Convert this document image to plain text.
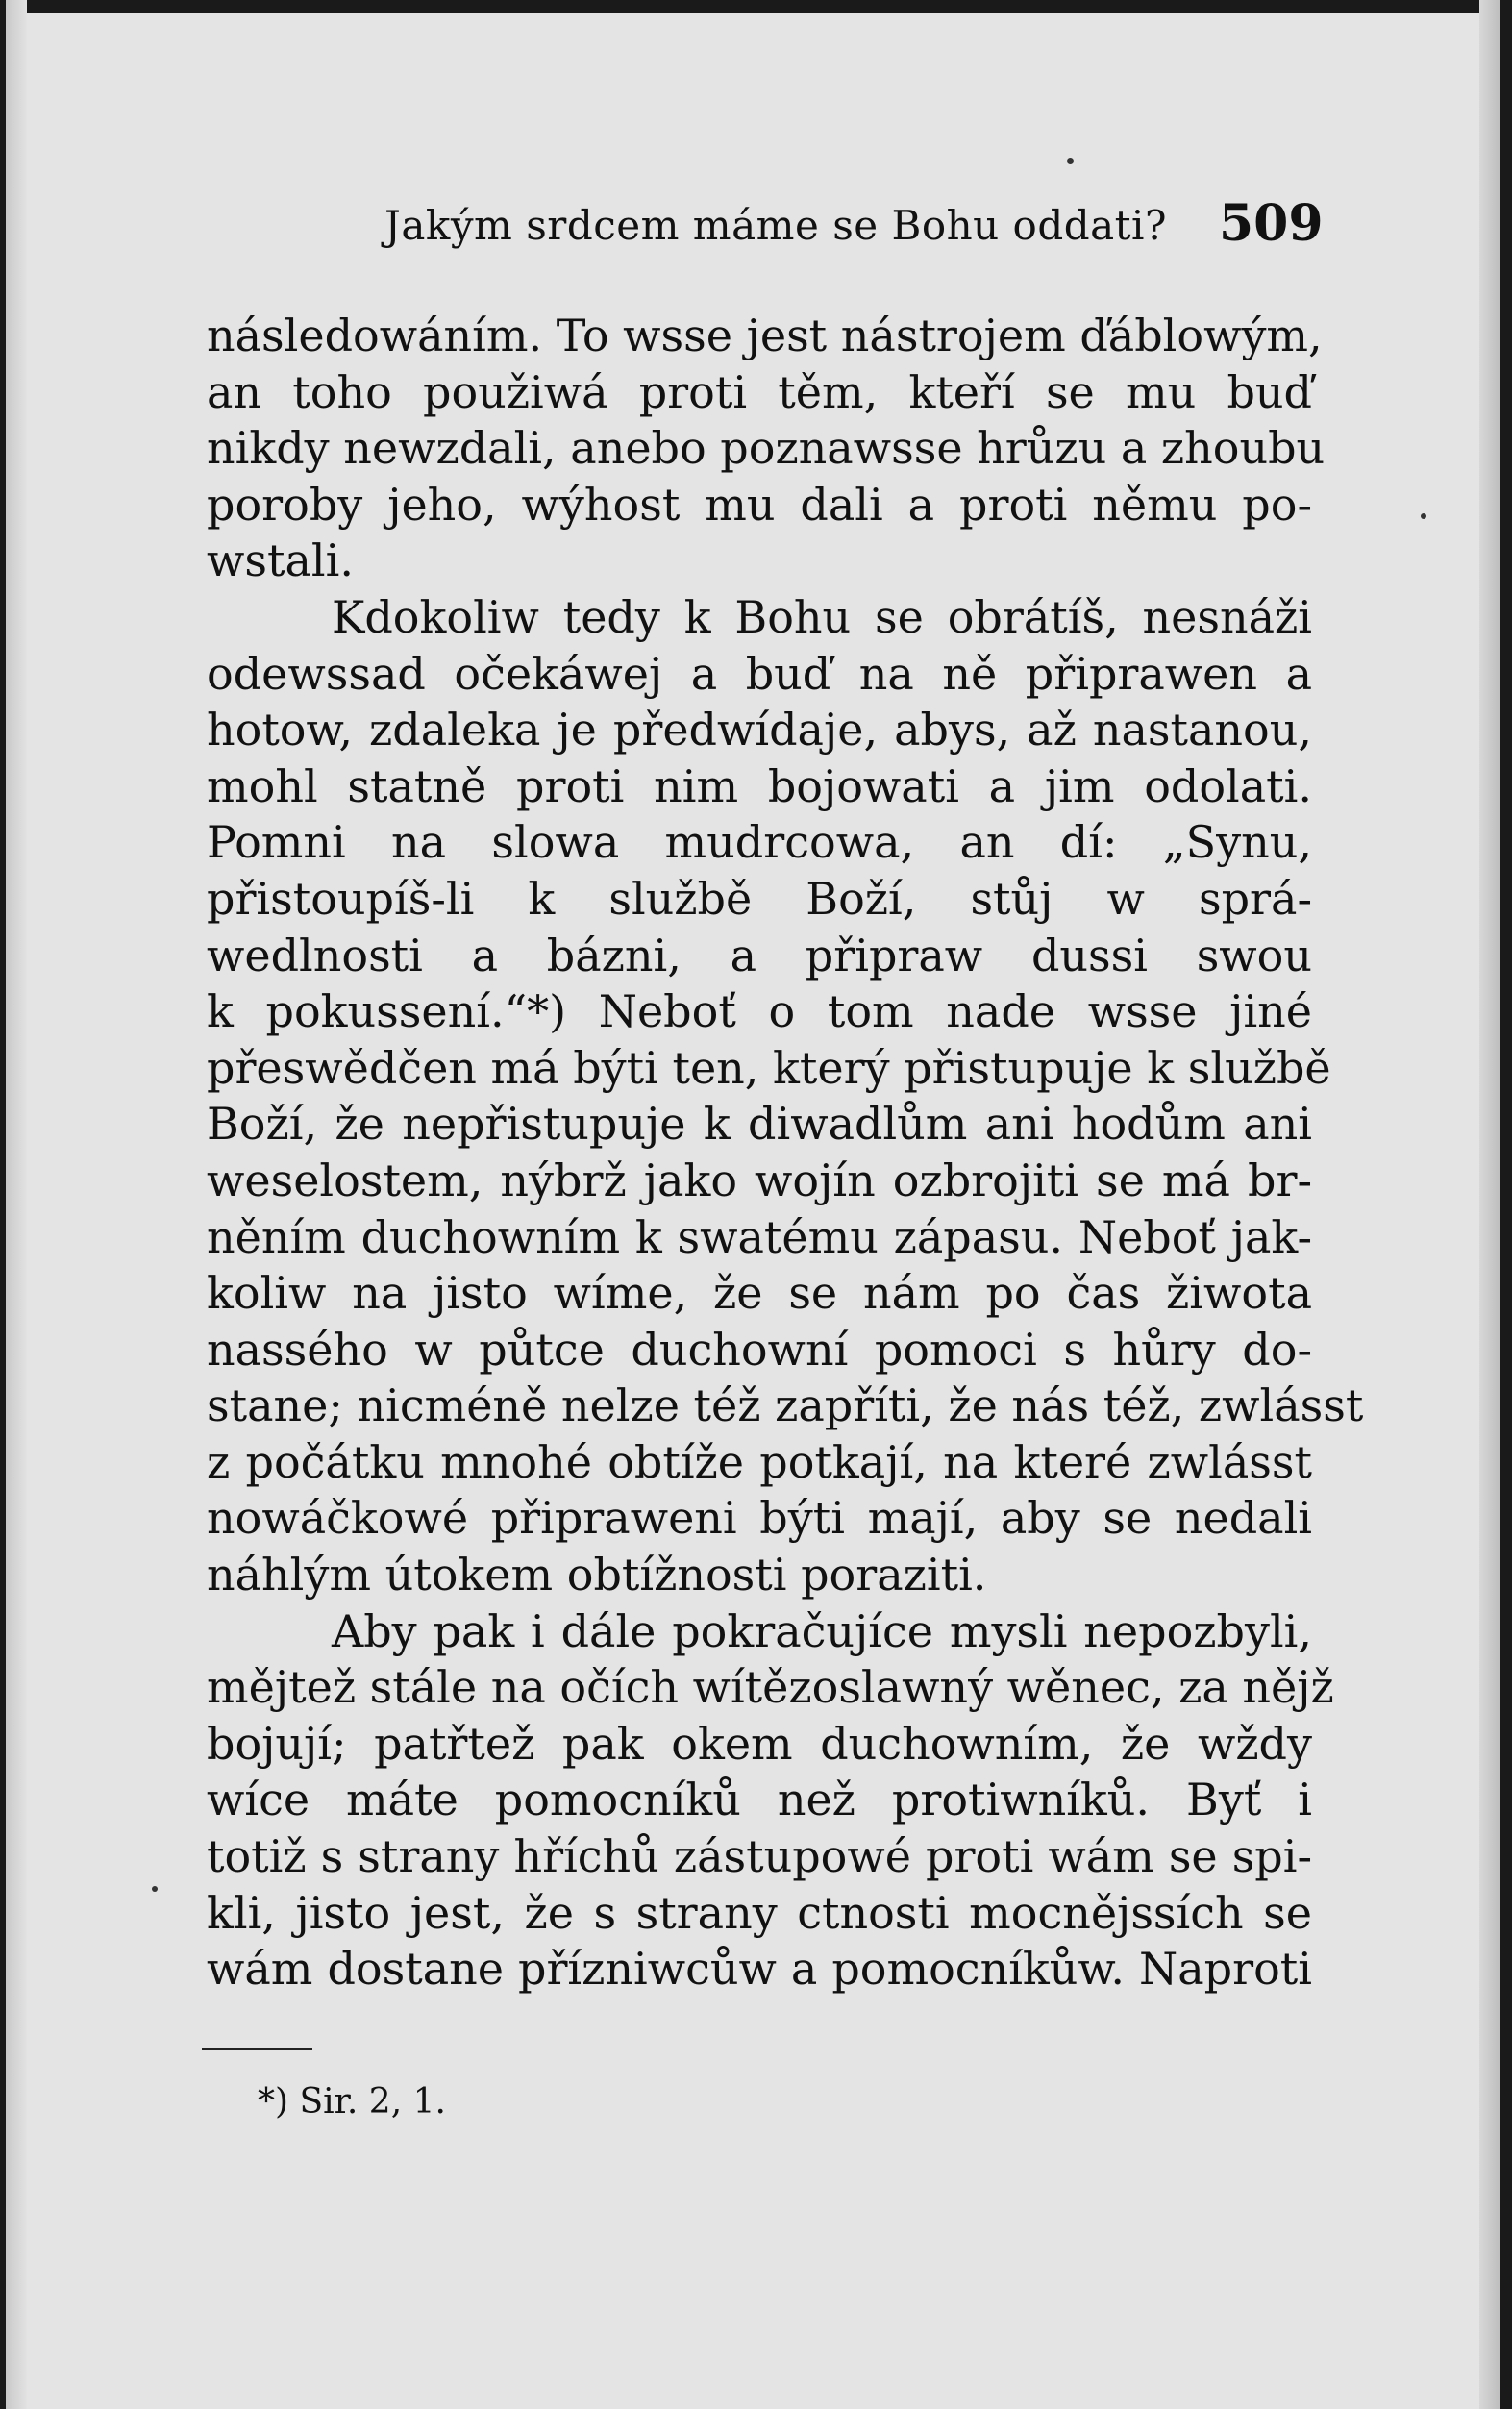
Jakým srdcem máme se Bohu oddati? 509
následowáním. To wsse jest nástrojem ďáblowým,
an toho použiwá proti těm, kteří se mu buď
nikdy newzdali, anebo poznawsse hrůzu a zhoubu
poroby jeho, wýhost mu dali a proti němu po-
wstali.
Kdokoliw tedy k Bohu se obrátíš, nesnáži
odewssad očekáwej a buď na ně připrawen a
hotow, zdaleka je předwídaje, abys, až nastanou,
mohl statně proti nim bojowati a jim odolati.
Pomni na slowa mudrcowa, an dí: „Synu,
přistoupíš-li k službě Boží, stůj w sprá-
wedlnosti a bázni, a připraw dussi swou
k pokussení.“*) Neboť o tom nade wsse jiné
přeswědčen má býti ten, který přistupuje k službě
Boží, že nepřistupuje k diwadlům ani hodům ani
weselostem, nýbrž jako wojín ozbrojiti se má br-
něním duchowním k swatému zápasu. Neboť jak-
koliw na jisto wíme, že se nám po čas žiwota
nassého w půtce duchowní pomoci s hůry do-
stane; nicméně nelze též zapříti, že nás též, zwlásst
z počátku mnohé obtíže potkají, na které zwlásst
nowáčkowé připraweni býti mají, aby se nedali
náhlým útokem obtížnosti poraziti.
Aby pak i dále pokračujíce mysli nepozbyli,
mějtež stále na očích wítězoslawný wěnec, za nějž
bojují; patřtež pak okem duchowním, že wždy
wíce máte pomocníků než protiwníků. Byť i
totiž s strany hříchů zástupowé proti wám se spi-
kli, jisto jest, že s strany ctnosti mocnějssích se
wám dostane přízniwcůw a pomocníkůw. Naproti
*) Sir. 2, 1.
